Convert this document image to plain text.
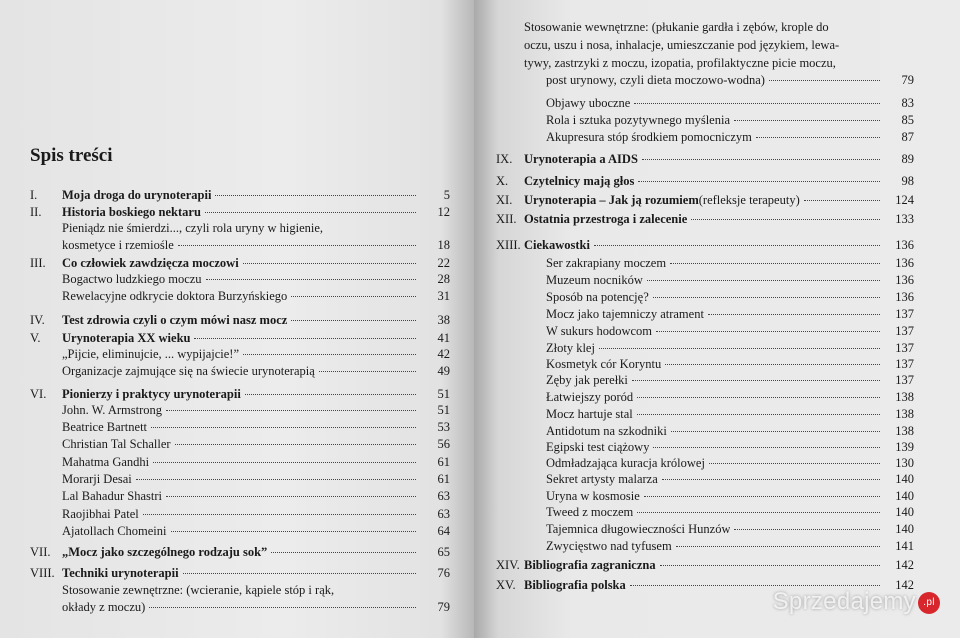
Spis treści
I.	Moja droga do urynoterapii	5
II.	Historia boskiego nektaru	12
Pieniądz nie śmierdzi..., czyli rola uryny w higienie,
kosmetyce i rzemiośle	18
III.	Co człowiek zawdzięcza moczowi	22
Bogactwo ludzkiego moczu	28
Rewelacyjne odkrycie doktora Burzyńskiego	31
IV.	Test zdrowia czyli o czym mówi nasz mocz	38
V.	Urynoterapia XX wieku	41
„Pijcie, eliminujcie, ... wypijajcie!”	42
Organizacje zajmujące się na świecie urynoterapią	49
VI.	Pionierzy i praktycy urynoterapii	51
John. W. Armstrong	51
Beatrice Bartnett	53
Christian Tal Schaller	56
Mahatma Gandhi	61
Morarji Desai	61
Lal Bahadur Shastri	63
Raojibhai Patel	63
Ajatollach Chomeini	64
VII. „Mocz jako szczególnego rodzaju sok”	65
VIII. Techniki urynoterapii	76
Stosowanie zewnętrzne: (wcieranie, kąpiele stóp i rąk,
okłady z moczu)	79
Stosowanie wewnętrzne: (płukanie gardła i zębów, krople do
oczu, uszu i nosa, inhalacje, umieszczanie pod językiem, lewa-
tywy, zastrzyki z moczu, izopatia, profilaktyczne picie moczu,
post urynowy, czyli dieta moczowo-wodna)	79
Objawy uboczne	83
Rola i sztuka pozytywnego myślenia	85
Akupresura stóp środkiem pomocniczym	87
IX. Urynoterapia a AIDS	89
X.	Czytelnicy mają głos	98
XI. Urynoterapia – Jak ją rozumiem (refleksje terapeuty)	124
XII. Ostatnia przestroga i zalecenie	133
XIII. Ciekawostki	136
Ser zakrapiany moczem	136
Muzeum nocników	136
Sposób na potencję?	136
Mocz jako tajemniczy atrament	137
W sukurs hodowcom	137
Złoty klej	137
Kosmetyk cór Koryntu	137
Zęby jak perełki	137
Łatwiejszy poród	138
Mocz hartuje stal	138
Antidotum na szkodniki	138
Egipski test ciążowy	139
Odmładzająca kuracja królowej	130
Sekret artysty malarza	140
Uryna w kosmosie	140
Tweed z moczem	140
Tajemnica długowieczności Hunzów	140
Zwycięstwo nad tyfusem	141
XIV. Bibliografia zagraniczna	142
XV. Bibliografia polska	142
Sprzedajemy .pl
